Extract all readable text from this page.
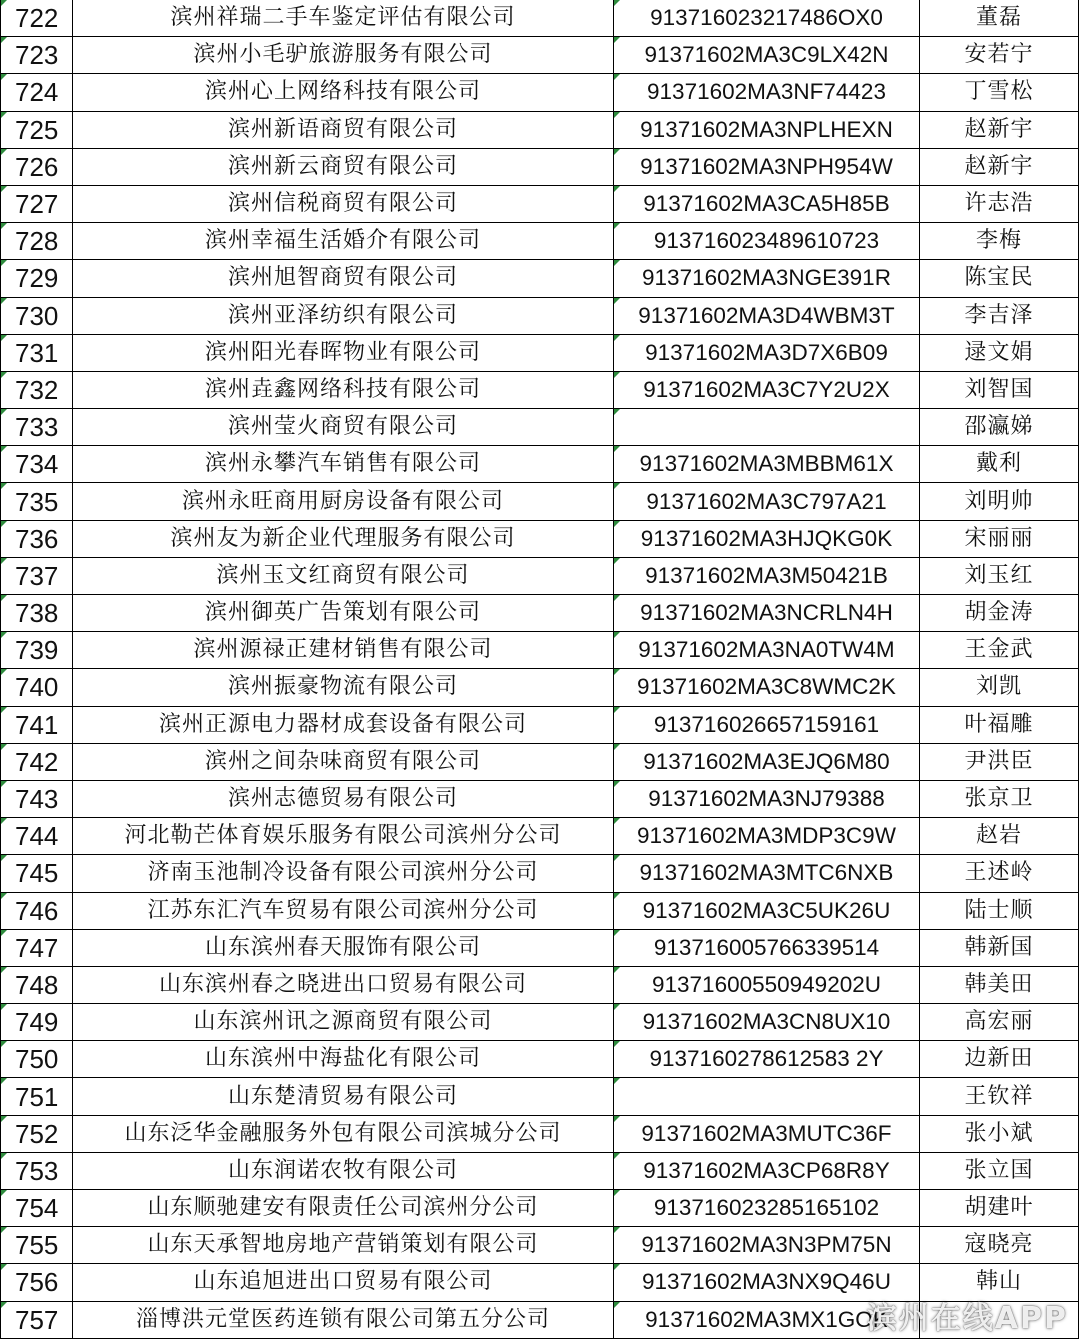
722	滨州祥瑞二手车鉴定评估有限公司	913716023217486OX0	董磊
723	滨州小毛驴旅游服务有限公司	91371602MA3C9LX42N	安若宁
724	滨州心上网络科技有限公司	91371602MA3NF74423	丁雪松
725	滨州新语商贸有限公司	91371602MA3NPLHEXN	赵新宇
726	滨州新云商贸有限公司	91371602MA3NPH954W	赵新宇
727	滨州信税商贸有限公司	91371602MA3CA5H85B	许志浩
728	滨州幸福生活婚介有限公司	913716023489610723	李梅
729	滨州旭智商贸有限公司	91371602MA3NGE391R	陈宝民
730	滨州亚泽纺织有限公司	91371602MA3D4WBM3T	李吉泽
731	滨州阳光春晖物业有限公司	91371602MA3D7X6B09	逯文娟
732	滨州垚鑫网络科技有限公司	91371602MA3C7Y2U2X	刘智国
733	滨州莹火商贸有限公司		邵瀛娣
734	滨州永攀汽车销售有限公司	91371602MA3MBBM61X	戴利
735	滨州永旺商用厨房设备有限公司	91371602MA3C797A21	刘明帅
736	滨州友为新企业代理服务有限公司	91371602MA3HJQKG0K	宋丽丽
737	滨州玉文红商贸有限公司	91371602MA3M50421B	刘玉红
738	滨州御英广告策划有限公司	91371602MA3NCRLN4H	胡金涛
739	滨州源禄正建材销售有限公司	91371602MA3NA0TW4M	王金武
740	滨州振豪物流有限公司	91371602MA3C8WMC2K	刘凯
741	滨州正源电力器材成套设备有限公司	913716026657159161	叶福雕
742	滨州之间杂味商贸有限公司	91371602MA3EJQ6M80	尹洪臣
743	滨州志德贸易有限公司	91371602MA3NJ79388	张京卫
744	河北勒芒体育娱乐服务有限公司滨州分公司	91371602MA3MDP3C9W	赵岩
745	济南玉池制冷设备有限公司滨州分公司	91371602MA3MTC6NXB	王述岭
746	江苏东汇汽车贸易有限公司滨州分公司	91371602MA3C5UK26U	陆士顺
747	山东滨州春天服饰有限公司	913716005766339514	韩新国
748	山东滨州春之晓进出口贸易有限公司	91371600550949202U	韩美田
749	山东滨州讯之源商贸有限公司	91371602MA3CN8UX10	高宏丽
750	山东滨州中海盐化有限公司	9137160278612583 2Y	边新田
751	山东楚清贸易有限公司		王钦祥
752	山东泛华金融服务外包有限公司滨城分公司	91371602MA3MUTC36F	张小斌
753	山东润诺农牧有限公司	91371602MA3CP68R8Y	张立国
754	山东顺驰建安有限责任公司滨州分公司	913716023285165102	胡建叶
755	山东天承智地房地产营销策划有限公司	91371602MA3N3PM75N	寇晓亮
756	山东追旭进出口贸易有限公司	91371602MA3NX9Q46U	韩山
757	淄博洪元堂医药连锁有限公司第五分公司	91371602MA3MX1GOK	
滨州在线APP
